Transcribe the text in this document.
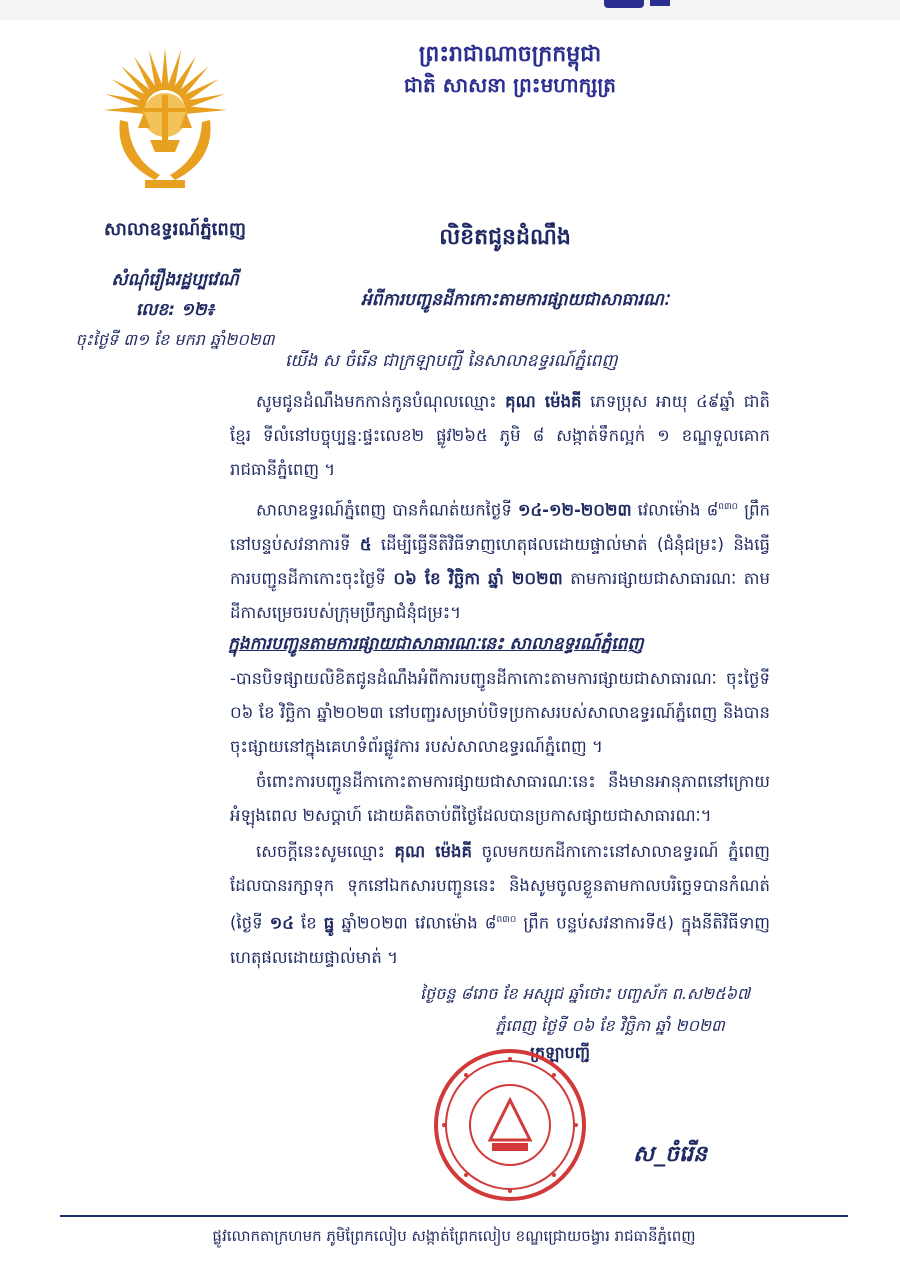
ព្រះរាជាណាចក្រកម្ពុជា
ជាតិ សាសនា ព្រះមហាក្សត្រ
សាលាឧទ្ធរណ៍ភ្នំពេញ
សំណុំរឿងរដ្ឋប្បវេណី
លេខ: ១២៖
ចុះថ្ងៃទី ៣១ ខែ មករា ឆ្នាំ២០២៣
លិខិតជូនដំណឹង
អំពីការបញ្ជូនដីកាកោះតាមការផ្សាយជាសាធារណៈ
យើង ស ចំរើន ជាក្រឡាបញ្ជី នៃសាលាឧទ្ធរណ៍ភ្នំពេញ
សូមជូនដំណឹងមកកាន់កូនបំណុលឈ្មោះ គុណ ម៉េងគី ភេទប្រុស អាយុ ៤៩ឆ្នាំ ជាតិខ្មែរ ទីលំនៅបច្ចុប្បន្ន:ផ្ទះលេខ២ ផ្លូវ២៦៥ ភូមិ ៨ សង្កាត់ទឹកល្អក់ ១ ខណ្ឌទួលគោក រាជធានីភ្នំពេញ ។
សាលាឧទ្ធរណ៍ភ្នំពេញ បានកំណត់យកថ្ងៃទី ១៤-១២-២០២៣ វេលាម៉ោង ៨$^{ព៣០}$ ព្រឹក នៅបន្ទប់សវនាការទី ៥ ដើម្បីធ្វើនីតិវិធីទាញហេតុផលដោយផ្ទាល់មាត់ (ជំនុំជម្រះ) និងធ្វើការបញ្ជូនដីកាកោះចុះថ្ងៃទី ០៦ ខែ វិច្ឆិកា ឆ្នាំ ២០២៣ តាមការផ្សាយជាសាធារណៈ តាមដីកាសម្រេចរបស់ក្រុមប្រឹក្សាជំនុំជម្រះ។
ក្នុងការបញ្ជូនតាមការផ្សាយជាសាធារណៈនេះ សាលាឧទ្ធរណ៍ភ្នំពេញ
-បានបិទផ្សាយលិខិតជូនដំណឹងអំពីការបញ្ជូនដីកាកោះតាមការផ្សាយជាសាធារណៈ ចុះថ្ងៃទី ០៦ ខែ វិច្ឆិកា ឆ្នាំ២០២៣ នៅបញ្ជរសម្រាប់បិទប្រកាសរបស់សាលាឧទ្ធរណ៍ភ្នំពេញ និងបានចុះផ្សាយនៅក្នុងគេហទំព័រផ្លូវការ របស់សាលាឧទ្ធរណ៍ភ្នំពេញ ។
ចំពោះការបញ្ជូនដីកាកោះតាមការផ្សាយជាសាធារណៈនេះ នឹងមានអានុភាពនៅក្រោយអំឡុងពេល ២សប្តាហ៍ ដោយគិតចាប់ពីថ្ងៃដែលបានប្រកាសផ្សាយជាសាធារណៈ។
សេចក្តីនេះសូមឈ្មោះ គុណ ម៉េងគី ចូលមកយកដីកាកោះនៅសាលាឧទ្ធរណ៍ ភ្នំពេញដែលបានរក្សាទុក ទុកនៅឯកសារបញ្ជូននេះ និងសូមចូលខ្លួនតាមកាលបរិច្ឆេទបានកំណត់ (ថ្ងៃទី ១៤ ខែ ធ្នូ ឆ្នាំ២០២៣ វេលាម៉ោង ៨$^{ព៣០}$ ព្រឹក បន្ទប់សវនាការទី៥) ក្នុងនីតិវិធីទាញហេតុផលដោយផ្ទាល់មាត់ ។
ថ្ងៃចន្ទ ៨រោច ខែ អស្សុជ ឆ្នាំថោះ បញ្ចស័ក ព.ស២៥៦៧
ភ្នំពេញ ថ្ងៃទី ០៦ ខែ វិច្ឆិកា ឆ្នាំ ២០២៣
ក្រឡាបញ្ជី
ស_ចំរើន
ផ្លូវលោកតាក្រហមក ភូមិព្រែកលៀប សង្កាត់ព្រែកលៀប ខណ្ឌជ្រោយចង្វារ រាជធានីភ្នំពេញ
